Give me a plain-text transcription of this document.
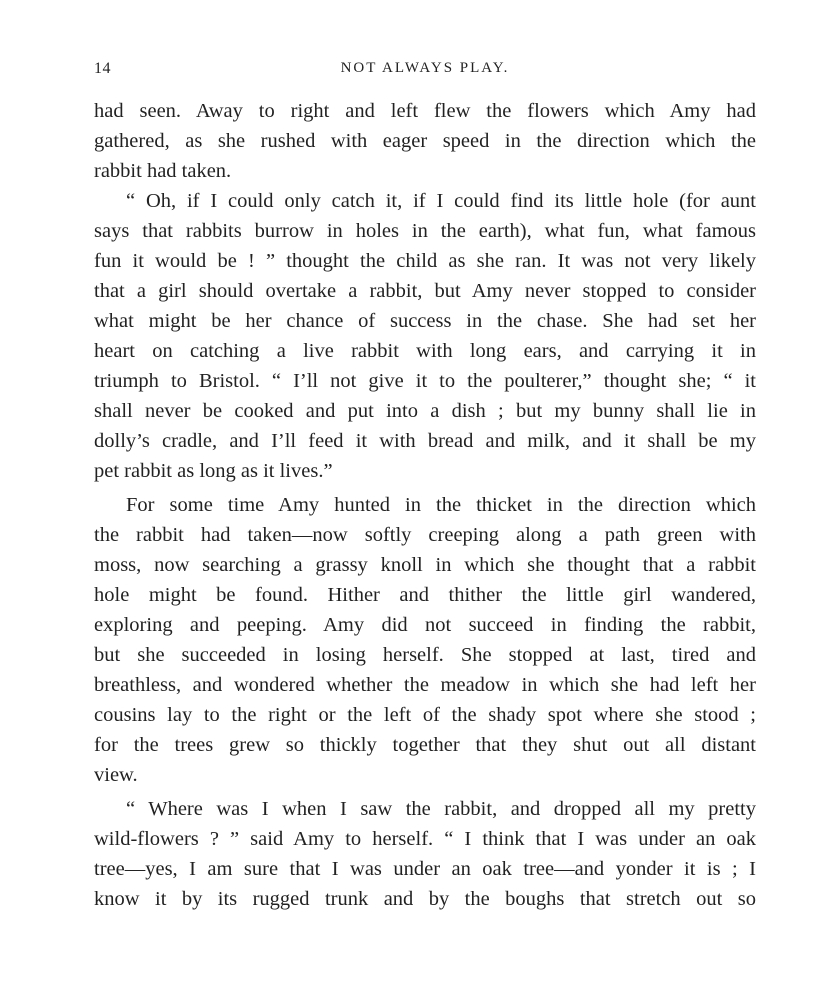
14	NOT ALWAYS PLAY.
had seen. Away to right and left flew the flowers which Amy had
gathered, as she rushed with eager speed in the direction which the
rabbit had taken.
“ Oh, if I could only catch it, if I could find its little hole (for aunt
says that rabbits burrow in holes in the earth), what fun, what famous
fun it would be ! ” thought the child as she ran. It was not very likely
that a girl should overtake a rabbit, but Amy never stopped to consider
what might be her chance of success in the chase. She had set her
heart on catching a live rabbit with long ears, and carrying it in
triumph to Bristol. “ I’ll not give it to the poulterer,” thought she; “ it
shall never be cooked and put into a dish ; but my bunny shall lie in
dolly’s cradle, and I’ll feed it with bread and milk, and it shall be my
pet rabbit as long as it lives.”
For some time Amy hunted in the thicket in the direction which
the rabbit had taken—now softly creeping along a path green with
moss, now searching a grassy knoll in which she thought that a rabbit
hole might be found. Hither and thither the little girl wandered,
exploring and peeping. Amy did not succeed in finding the rabbit,
but she succeeded in losing herself. She stopped at last, tired and
breathless, and wondered whether the meadow in which she had left her
cousins lay to the right or the left of the shady spot where she stood ;
for the trees grew so thickly together that they shut out all distant
view.
“ Where was I when I saw the rabbit, and dropped all my pretty
wild-flowers ? ” said Amy to herself. “ I think that I was under an oak
tree—yes, I am sure that I was under an oak tree—and yonder it is ; I
know it by its rugged trunk and by the boughs that stretch out so
